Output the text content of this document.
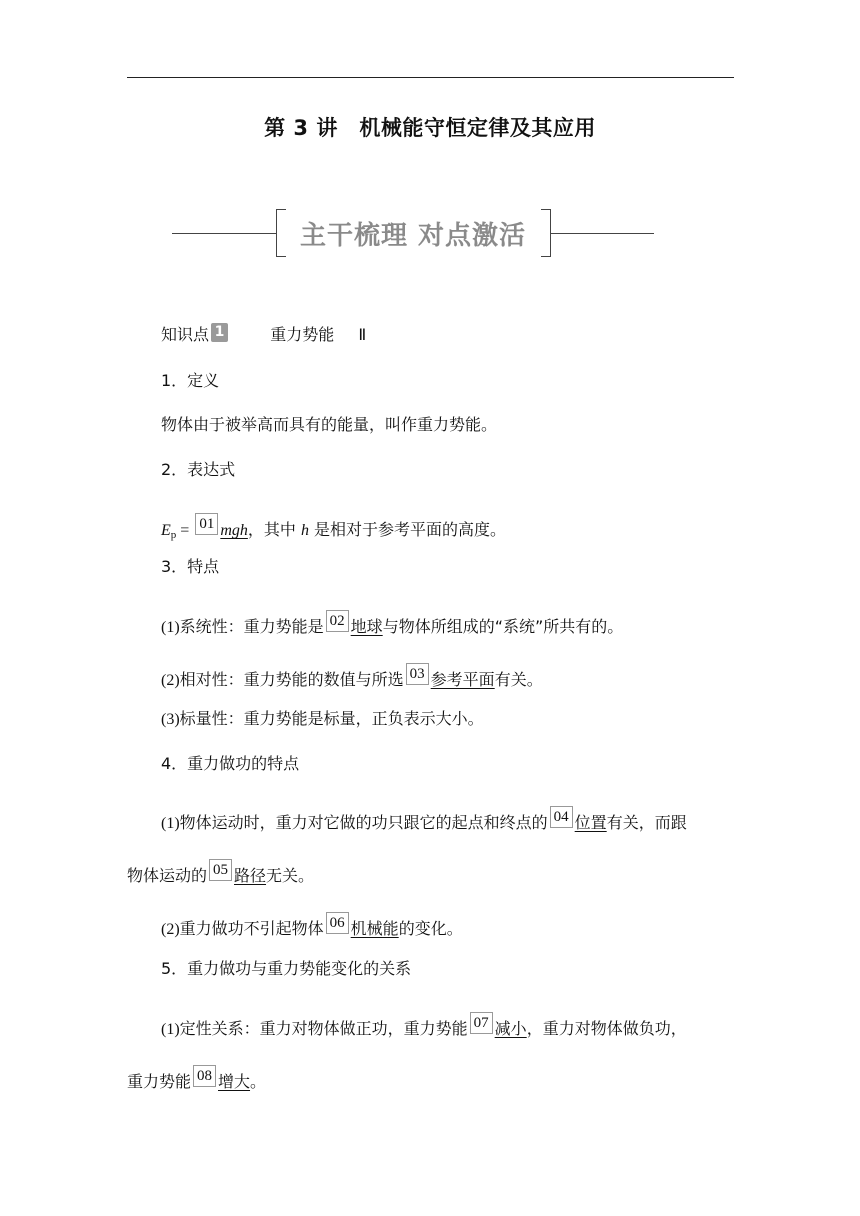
第 3 讲　机械能守恒定律及其应用
主干梳理 对点激活
知识点 1	重力势能 Ⅱ
1．定义
物体由于被举高而具有的能量，叫作重力势能。
2．表达式
$E_p = 01$ mgh，其中 h 是相对于参考平面的高度。
3．特点
(1)系统性：重力势能是 02 地球与物体所组成的“系统”所共有的。
(2)相对性：重力势能的数值与所选 03 参考平面有关。
(3)标量性：重力势能是标量，正负表示大小。
4．重力做功的特点
(1)物体运动时，重力对它做的功只跟它的起点和终点的 04 位置有关，而跟
物体运动的 05 路径无关。
(2)重力做功不引起物体 06 机械能的变化。
5．重力做功与重力势能变化的关系
(1)定性关系：重力对物体做正功，重力势能 07 减小，重力对物体做负功，
重力势能 08 增大。
